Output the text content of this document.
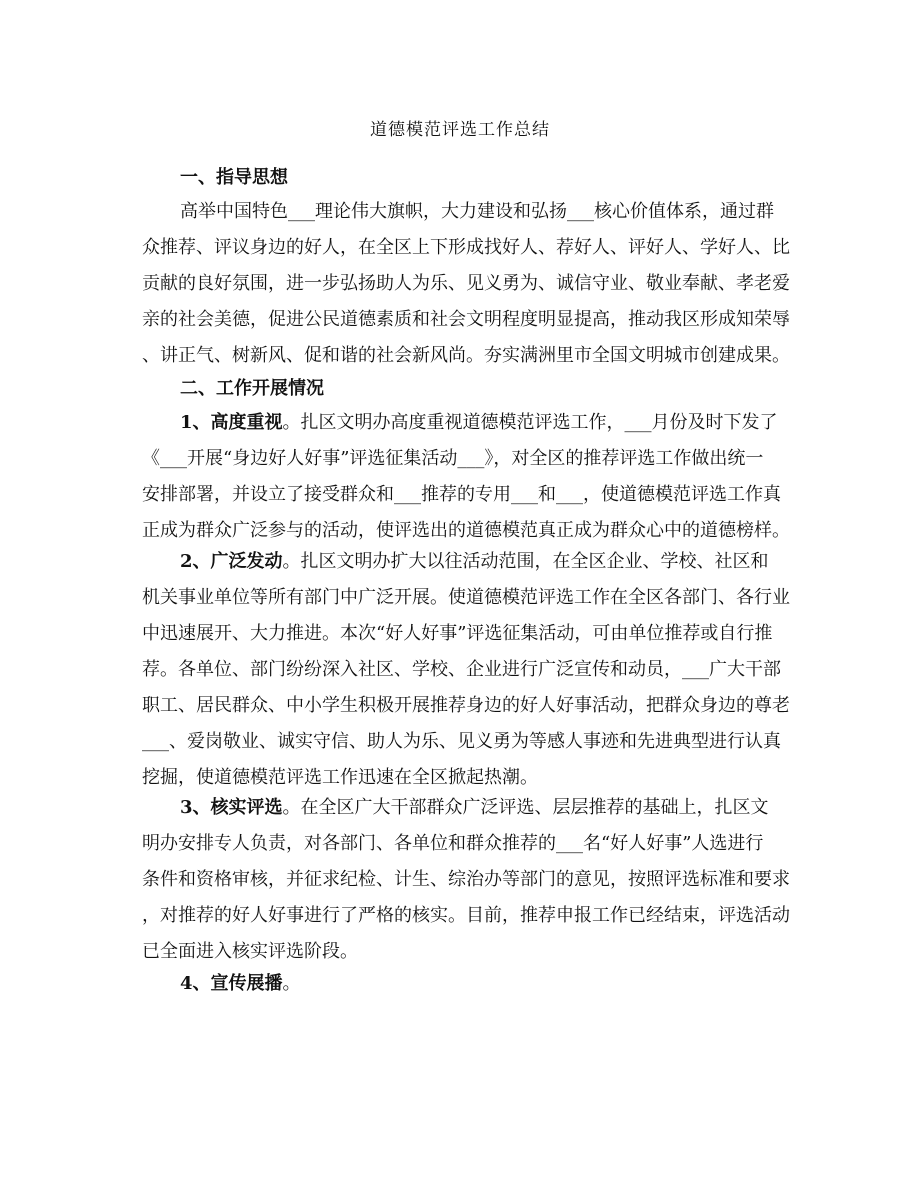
道德模范评选工作总结
一、指导思想
高举中国特色___理论伟大旗帜，大力建设和弘扬___核心价值体系，通过群
众推荐、评议身边的好人，在全区上下形成找好人、荐好人、评好人、学好人、比
贡献的良好氛围，进一步弘扬助人为乐、见义勇为、诚信守业、敬业奉献、孝老爱
亲的社会美德，促进公民道德素质和社会文明程度明显提高，推动我区形成知荣辱
、讲正气、树新风、促和谐的社会新风尚。夯实满洲里市全国文明城市创建成果。
二、工作开展情况
1、高度重视。扎区文明办高度重视道德模范评选工作，___月份及时下发了
《___开展“身边好人好事”评选征集活动___》，对全区的推荐评选工作做出统一
安排部署，并设立了接受群众和___推荐的专用___和___，使道德模范评选工作真
正成为群众广泛参与的活动，使评选出的道德模范真正成为群众心中的道德榜样。
2、广泛发动。扎区文明办扩大以往活动范围，在全区企业、学校、社区和
机关事业单位等所有部门中广泛开展。使道德模范评选工作在全区各部门、各行业
中迅速展开、大力推进。本次“好人好事”评选征集活动，可由单位推荐或自行推
荐。各单位、部门纷纷深入社区、学校、企业进行广泛宣传和动员，___广大干部
职工、居民群众、中小学生积极开展推荐身边的好人好事活动，把群众身边的尊老
___、爱岗敬业、诚实守信、助人为乐、见义勇为等感人事迹和先进典型进行认真
挖掘，使道德模范评选工作迅速在全区掀起热潮。
3、核实评选。在全区广大干部群众广泛评选、层层推荐的基础上，扎区文
明办安排专人负责，对各部门、各单位和群众推荐的___名“好人好事”人选进行
条件和资格审核，并征求纪检、计生、综治办等部门的意见，按照评选标准和要求
，对推荐的好人好事进行了严格的核实。目前，推荐申报工作已经结束，评选活动
已全面进入核实评选阶段。
4、宣传展播。
